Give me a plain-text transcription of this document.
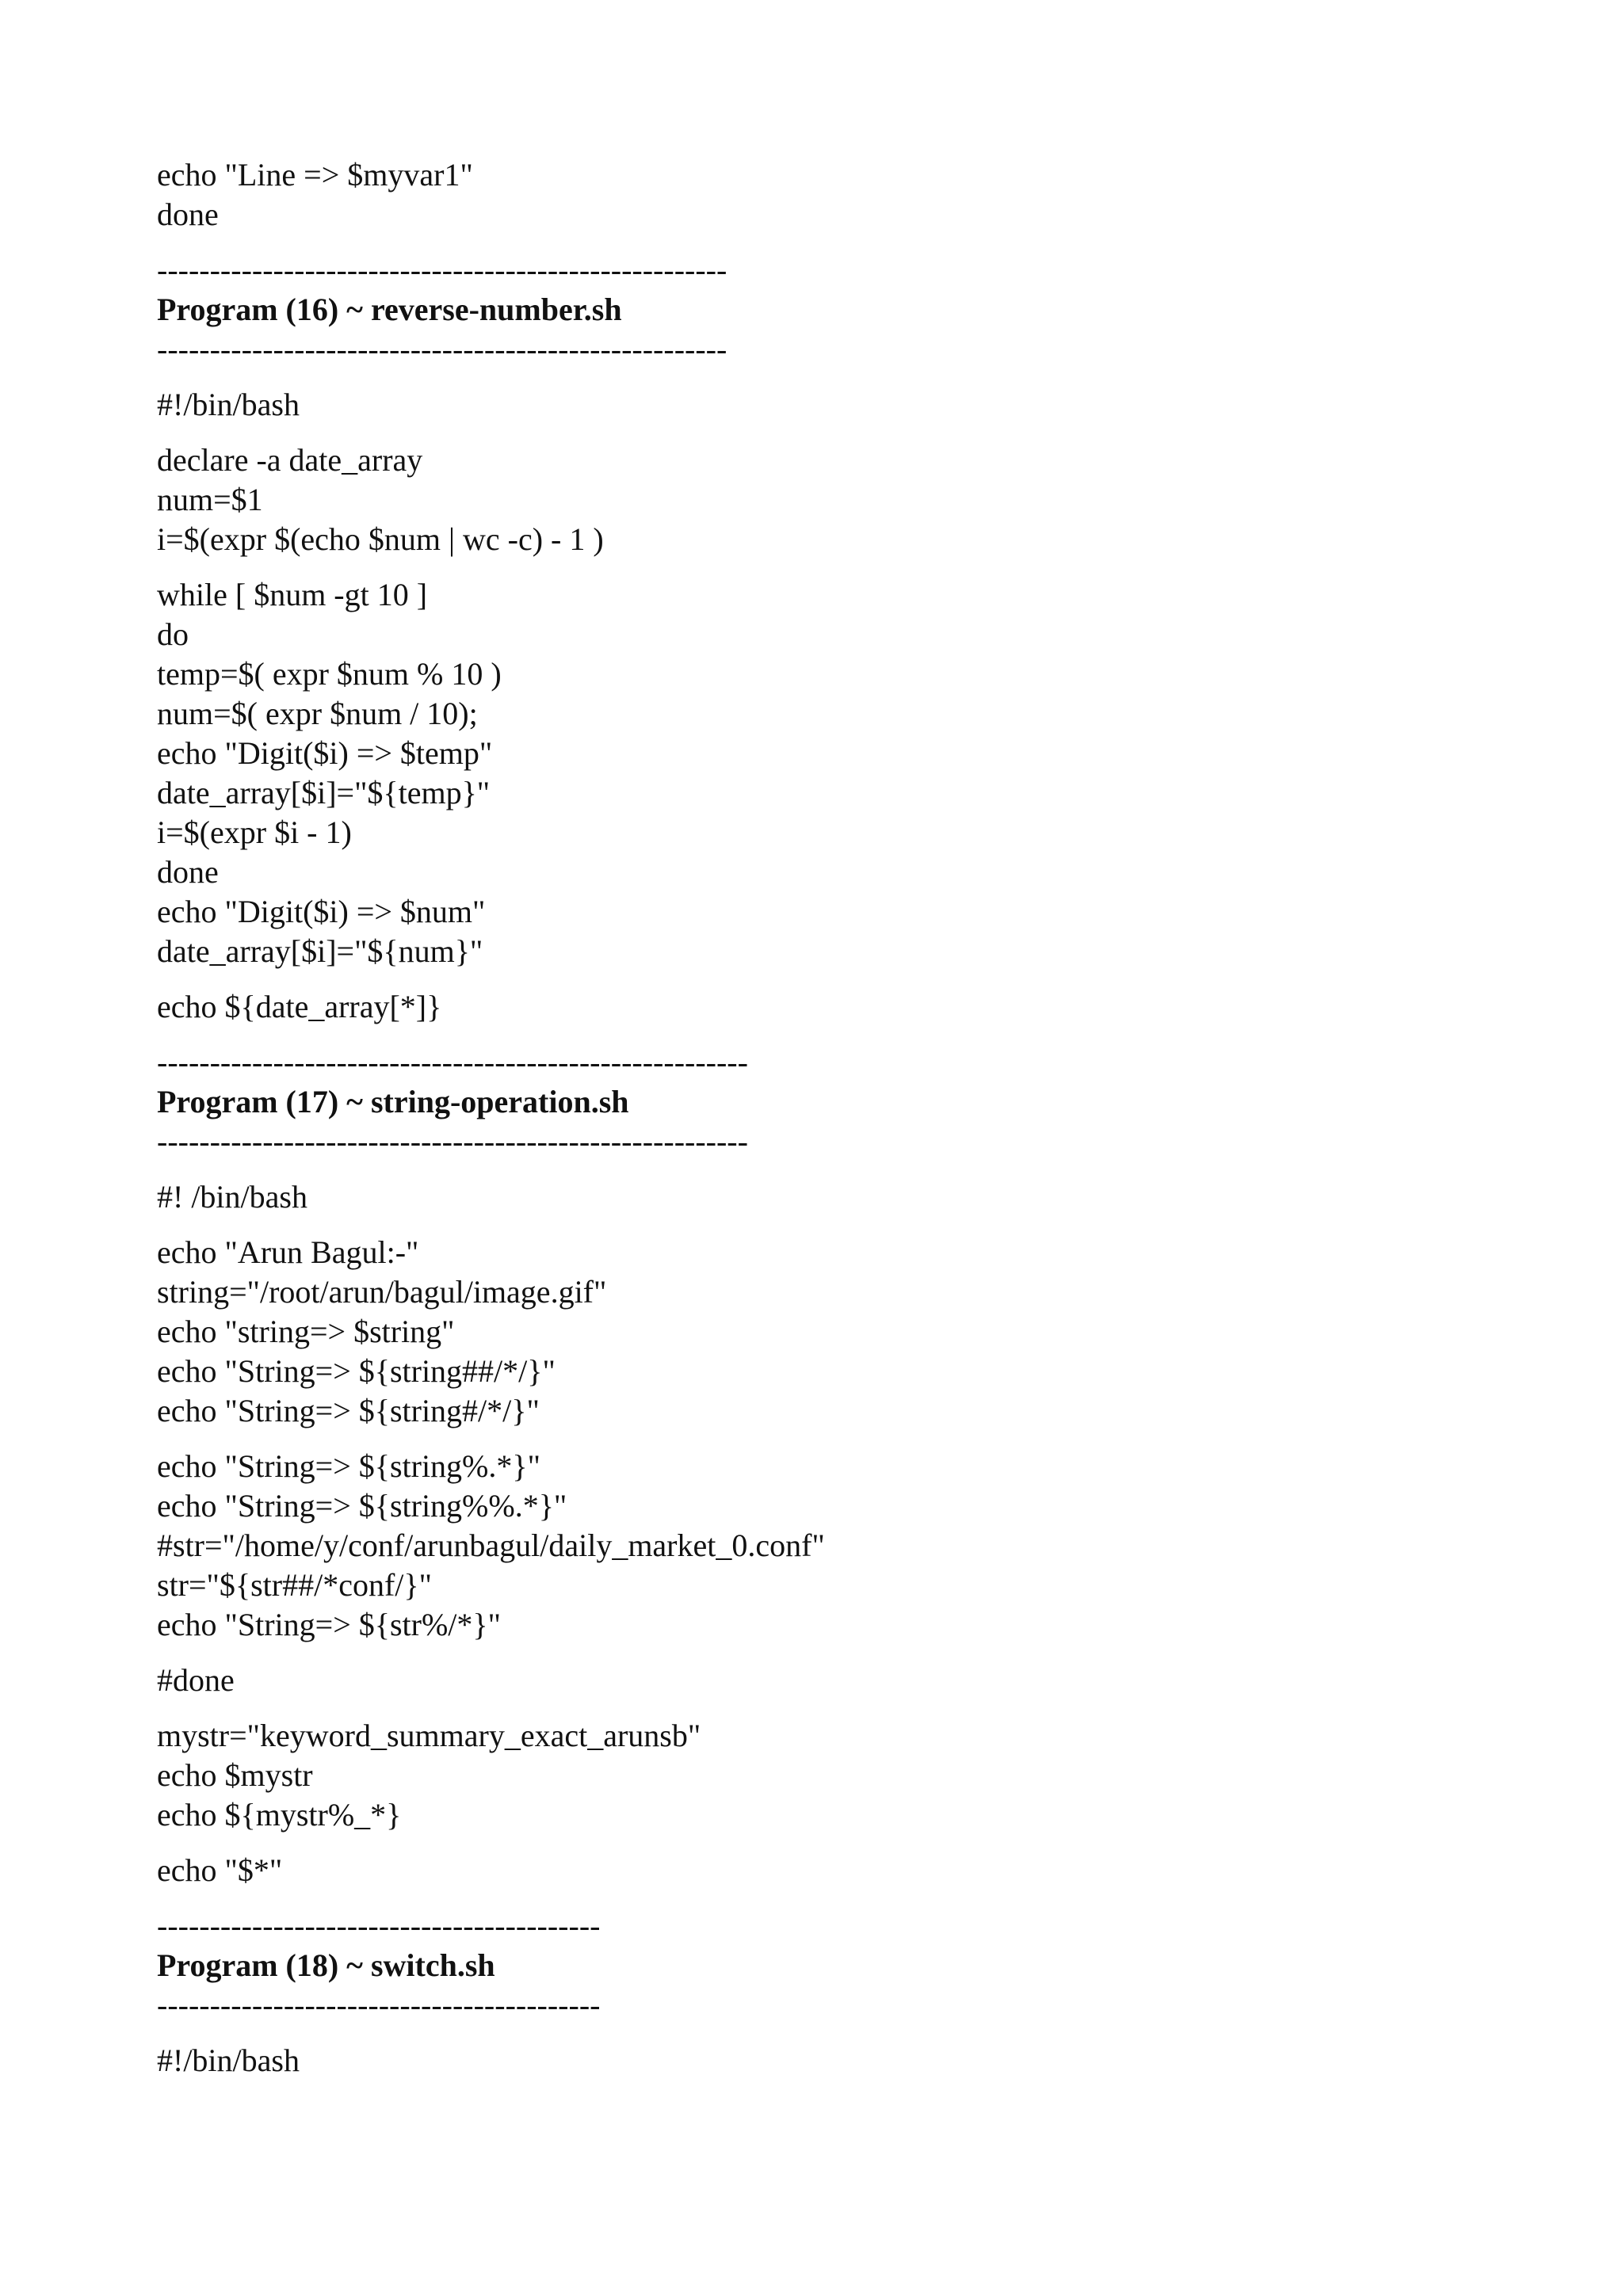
echo "Line => $myvar1"
done
------------------------------------------------------
Program (16) ~ reverse-number.sh
------------------------------------------------------
#!/bin/bash
declare -a date_array
num=$1
i=$(expr $(echo $num | wc -c) - 1 )
while [ $num -gt 10 ]
do
temp=$( expr $num % 10 )
num=$( expr $num / 10);
echo "Digit($i) => $temp"
date_array[$i]="${temp}"
i=$(expr $i - 1)
done
echo "Digit($i) => $num"
date_array[$i]="${num}"
echo ${date_array[*]}
--------------------------------------------------------
Program (17) ~ string-operation.sh
--------------------------------------------------------
#! /bin/bash
echo "Arun Bagul:-"
string="/root/arun/bagul/image.gif"
echo "string=> $string"
echo "String=> ${string##/*/}"
echo "String=> ${string#/*/}"
echo "String=> ${string%.*}"
echo "String=> ${string%%.*}"
#str="/home/y/conf/arunbagul/daily_market_0.conf"
str="${str##/*conf/}"
echo "String=> ${str%/*}"
#done
mystr="keyword_summary_exact_arunsb"
echo $mystr
echo ${mystr%_*}
echo "$*"
------------------------------------------
Program (18) ~ switch.sh
------------------------------------------
#!/bin/bash
